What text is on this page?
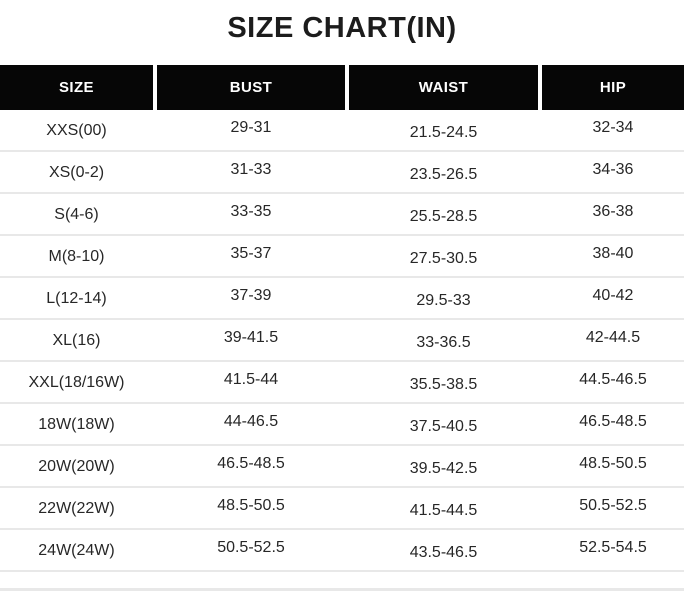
SIZE CHART(IN)
SIZE	BUST	WAIST	HIP
XXS(00)	29-31	21.5-24.5	32-34
XS(0-2)	31-33	23.5-26.5	34-36
S(4-6)	33-35	25.5-28.5	36-38
M(8-10)	35-37	27.5-30.5	38-40
L(12-14)	37-39	29.5-33	40-42
XL(16)	39-41.5	33-36.5	42-44.5
XXL(18/16W)	41.5-44	35.5-38.5	44.5-46.5
18W(18W)	44-46.5	37.5-40.5	46.5-48.5
20W(20W)	46.5-48.5	39.5-42.5	48.5-50.5
22W(22W)	48.5-50.5	41.5-44.5	50.5-52.5
24W(24W)	50.5-52.5	43.5-46.5	52.5-54.5
